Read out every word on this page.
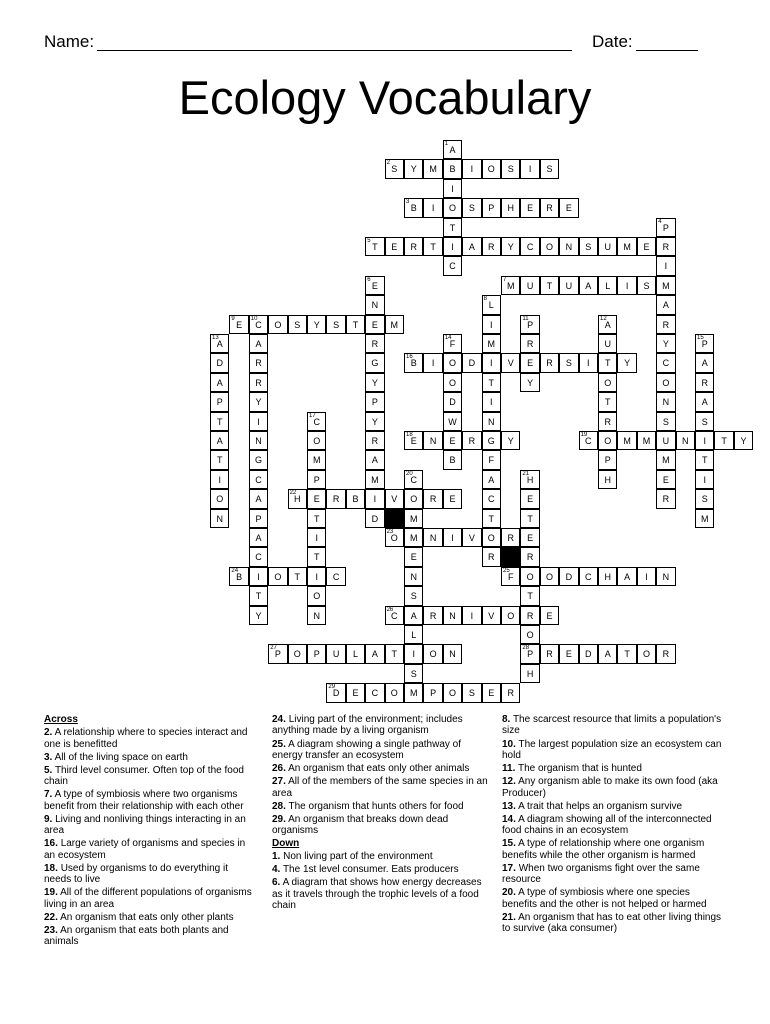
Name:	Date:
Ecology Vocabulary
1
A
B
I
O
T
I
C
2
S	Y	M	I	O	S	I	S
3
B	I	S	P	H	E	R	E
4
P
R
I
M
A
R
Y
C
O
N
S
U
M
E
R
5
T	E	R	T	A	R	Y	C	O	N	S	U	M	E
6
E
N
E
R
G
Y
P
Y
R
A
M
I
D
7
M	U	T	U	A	L	I	S
8
L
I
M
I
T
I
N
G
F
A
C
T
O
R
9
E
10
C	O	S	Y	S	T	M
A
R
R
Y
I
N
G
C
A
P
A
C
I
T
Y
11
P
R
E
Y
12
A
U
T
O
T
R
O
P
H
13
A
D
A
P
T
A
T
I
O
N
14
F
O
O
D
W
E
B
15
P
A
R
A
S
I
T
I
S
M
16
B	I	D	V	R	S	I	Y
17
C
O
M
P
E
T
I
T
I
O
N
18
E	N	R	Y
19
C	M	M	N	T	Y
20
C
O
M
M
E
N
S
A
L
I
S
M
21
H
E
T
E
R
O
T
R
O
28
P
H
22
H	R	B	V	R	E
23
O	N	I	V	R
24
B	O	T	C
25
F	O	D	C	H	A	I	N
26
C	R	N	I	V	O	E
27
P	O	P	U	L	A	T	O	N	R	E	D	A	T	O	R
29
D	E	C	O	P	O	S	E	R
Across
2. A relationship where to species interact and one is benefitted
3. All of the living space on earth
5. Third level consumer. Often top of the food chain
7. A type of symbiosis where two organisms benefit from their relationship with each other
9. Living and nonliving things interacting in an area
16. Large variety of organisms and species in an ecosystem
18. Used by organisms to do everything it needs to live
19. All of the different populations of organisms living in an area
22. An organism that eats only other plants
23. An organism that eats both plants and animals
24. Living part of the environment; includes anything made by a living organism
25. A diagram showing a single pathway of energy transfer an ecosystem
26. An organism that eats only other animals
27. All of the members of the same species in an area
28. The organism that hunts others for food
29. An organism that breaks down dead organisms
Down
1. Non living part of the environment
4. The 1st level consumer. Eats producers
6. A diagram that shows how energy decreases as it travels through the trophic levels of a food chain
8. The scarcest resource that limits a population's size
10. The largest population size an ecosystem can hold
11. The organism that is hunted
12. Any organism able to make its own food (aka Producer)
13. A trait that helps an organism survive
14. A diagram showing all of the interconnected food chains in an ecosystem
15. A type of relationship where one organism benefits while the other organism is harmed
17. When two organisms fight over the same resource
20. A type of symbiosis where one species benefits and the other is not helped or harmed
21. An organism that has to eat other living things to survive (aka consumer)
